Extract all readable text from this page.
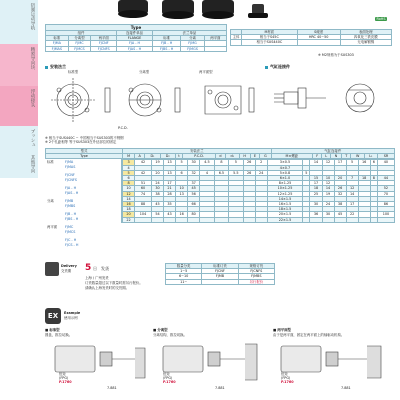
铝制运动导轨
精密导向块
浮动接头
ブッシュ
其他导向
RoHS
Type						
组件			连接件单品	法兰单品		
标准	分离型	两平面	FLANGE	标准	分离	两平面
FJMA	FJMC	FJCNF	FJA - H	FJB - H	FJMG	
FJMAS	FJMCS	FJCNFS	FJAS - H	FJBS - H	FJMGS	
	M材质	S硬度	表面处理
主体	相当于S45C	HRC 40~50	四氧化三铁皮膜
	相当于SUS440C		无电解镀镍
※ M2规格为于SUS303
安装法兰	气缸连接件
标准型	分离型	两平面型
P.C.D.
※ 相当于SUS440C ~ 中国相当于SUS303的不锈钢
※ 2个孔距相等 等于SUS303在外径部位的固定
型式	安装法兰											气缸连接件							
Type	M	A	D₁	D₂	t	P.C.D.	d	d₁	H	E	G	M×螺距	F	L	N	T	W	L₁	SR
	3	42	19	13	5	30	4.5	8	5	26	2	3×0.5		14	12	17	5	16	6	40
	4											4×0.7								
	5	42	20	13	6	32	4	6.5	5.5	26	24	5×0.8	5							
	6											6×1.0		15	10	20	7	18	8	44
	8	51	24	17		37						8×1.25		17	12					
	10	60	30	21	10	45						10×1.25		18	14	26	12			52
	12	74	38	28	13	56						12×1.25		25	19	32	14			70
	14											14×1.5								
	16	88	45	35		66						16×1.5		30	24	38	17			86
	18											18×1.5								
	20	104	54	43	16	80						20×1.5		36	30	45	22			100
	22											22×1.5								
标准	FJMA
FJMAS
FJCNF
FJCNFS
FJA - H
FJAS - H
分离	FJMB
FJMBS
FJB - H
FJBS - H
两平面 FJMC
FJMCS
FJC - H
FJCS - H
Delivery
交货期 5 日 发货
上海 / 广州发货
订货数量超过以下数量时需另行报价。
请确认上海发货时的交货期。
数量分类	标准订货	规格订货
1~5	FJCNF	FJCNFS
6~10	FJMB	FJMBS
11~		另行报价
EX	Example
使用示例
■ 标准型
圆盘，推拉切换。
■ 分离型
分离结构，推拉切换。
■ 两平面型
由于是两平面，固定在两平面上的轴驱动机构。
扭矩
(FPG)
P.1760
7.881
扭矩
(FPG)
P.1760
7.881
扭矩
(FPG)
P.1760
7.881
